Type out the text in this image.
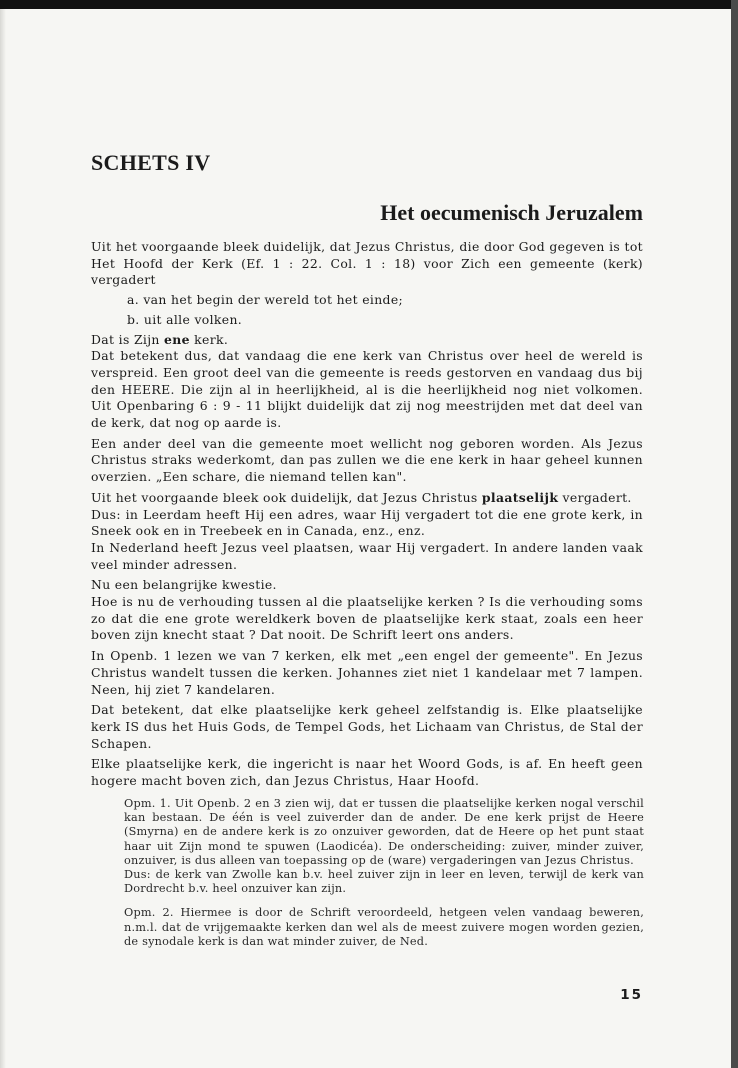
SCHETS IV
Het oecumenisch Jeruzalem

Uit het voorgaande bleek duidelijk, dat Jezus Christus, die door God gegeven is tot Het Hoofd der Kerk (Ef. 1 : 22. Col. 1 : 18) voor Zich een gemeente (kerk) vergadert

a. van het begin der wereld tot het einde;

b. uit alle volken.

Dat is Zijn ene kerk.

Dat betekent dus, dat vandaag die ene kerk van Christus over heel de wereld is verspreid. Een groot deel van die gemeente is reeds gestorven en vandaag dus bij den HEERE. Die zijn al in heerlijkheid, al is die heerlijkheid nog niet volkomen. Uit Openbaring 6 : 9 - 11 blijkt duidelijk dat zij nog meestrijden met dat deel van de kerk, dat nog op aarde is.

Een ander deel van die gemeente moet wellicht nog geboren worden. Als Jezus Christus straks wederkomt, dan pas zullen we die ene kerk in haar geheel kunnen overzien. „Een schare, die niemand tellen kan".

Uit het voorgaande bleek ook duidelijk, dat Jezus Christus plaatselijk vergadert.

Dus: in Leerdam heeft Hij een adres, waar Hij vergadert tot die ene grote kerk, in Sneek ook en in Treebeek en in Canada, enz., enz.

In Nederland heeft Jezus veel plaatsen, waar Hij vergadert. In andere landen vaak veel minder adressen.

Nu een belangrijke kwestie.

Hoe is nu de verhouding tussen al die plaatselijke kerken ? Is die verhouding soms zo dat die ene grote wereldkerk boven de plaatselijke kerk staat, zoals een heer boven zijn knecht staat ? Dat nooit. De Schrift leert ons anders.

In Openb. 1 lezen we van 7 kerken, elk met „een engel der gemeente". En Jezus Christus wandelt tussen die kerken. Johannes ziet niet 1 kandelaar met 7 lampen. Neen, hij ziet 7 kandelaren.

Dat betekent, dat elke plaatselijke kerk geheel zelfstandig is. Elke plaatselijke kerk IS dus het Huis Gods, de Tempel Gods, het Lichaam van Christus, de Stal der Schapen.

Elke plaatselijke kerk, die ingericht is naar het Woord Gods, is af. En heeft geen hogere macht boven zich, dan Jezus Christus, Haar Hoofd.

Opm. 1. Uit Openb. 2 en 3 zien wij, dat er tussen die plaatselijke kerken nogal verschil kan bestaan. De één is veel zuiverder dan de ander. De ene kerk prijst de Heere (Smyrna) en de andere kerk is zo onzuiver geworden, dat de Heere op het punt staat haar uit Zijn mond te spuwen (Laodicéa). De onderscheiding: zuiver, minder zuiver, onzuiver, is dus alleen van toepassing op de (ware) vergaderingen van Jezus Christus.

Dus: de kerk van Zwolle kan b.v. heel zuiver zijn in leer en leven, terwijl de kerk van Dordrecht b.v. heel onzuiver kan zijn.

Opm. 2. Hiermee is door de Schrift veroordeeld, hetgeen velen vandaag beweren, n.m.l. dat de vrijgemaakte kerken dan wel als de meest zuivere mogen worden gezien, de synodale kerk is dan wat minder zuiver, de Ned.

15
